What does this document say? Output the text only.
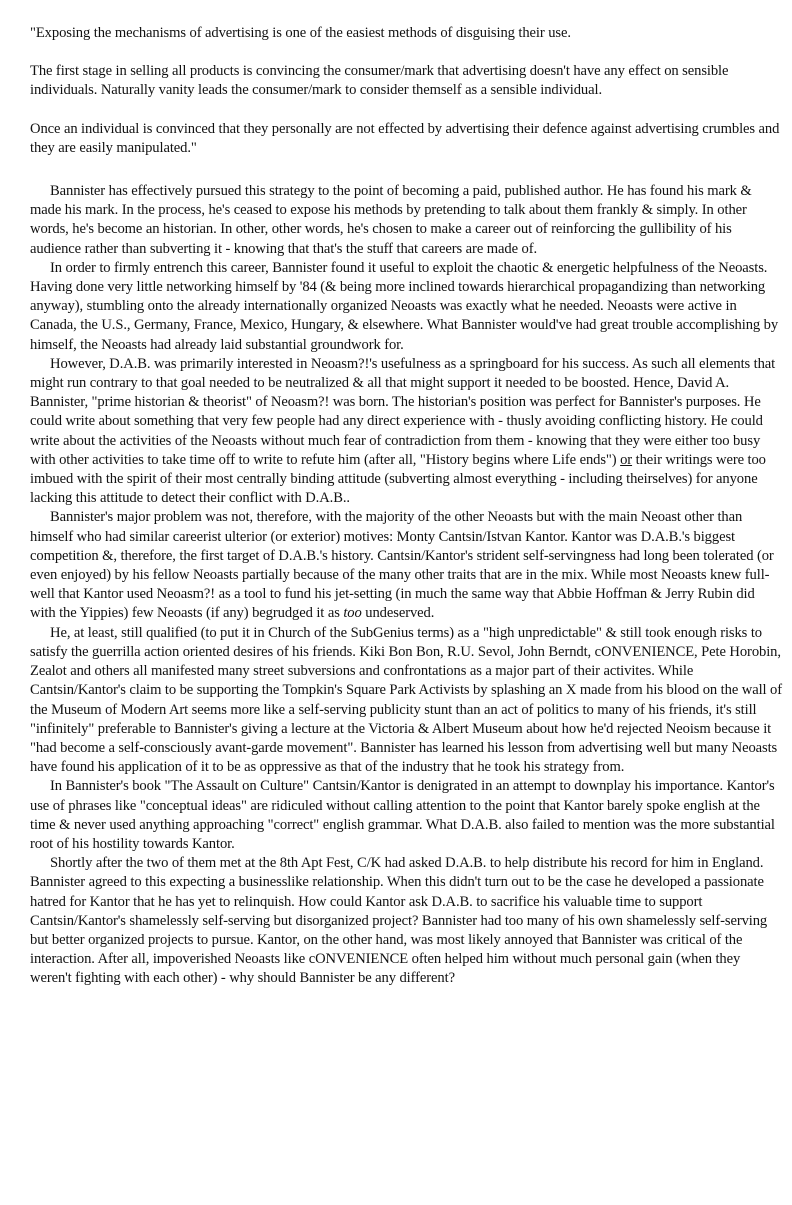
"Exposing the mechanisms of advertising is one of the easiest methods of disguising their use.

The first stage in selling all products is convincing the consumer/mark that advertising doesn't have any effect on sensible individuals. Naturally vanity leads the consumer/mark to consider themself as a sensible individual.

Once an individual is convinced that they personally are not effected by advertising their defence against advertising crumbles and they are easily manipulated."

Bannister has effectively pursued this strategy to the point of becoming a paid, published author. He has found his mark & made his mark. In the process, he's ceased to expose his methods by pretending to talk about them frankly & simply. In other words, he's become an historian. In other, other words, he's chosen to make a career out of reinforcing the gullibility of his audience rather than subverting it - knowing that that's the stuff that careers are made of.

In order to firmly entrench this career, Bannister found it useful to exploit the chaotic & energetic helpfulness of the Neoasts. Having done very little networking himself by '84 (& being more inclined towards hierarchical propagandizing than networking anyway), stumbling onto the already internationally organized Neoasts was exactly what he needed. Neoasts were active in Canada, the U.S., Germany, France, Mexico, Hungary, & elsewhere. What Bannister would've had great trouble accomplishing by himself, the Neoasts had already laid substantial groundwork for.

However, D.A.B. was primarily interested in Neoasm?!'s usefulness as a springboard for his success. As such all elements that might run contrary to that goal needed to be neutralized & all that might support it needed to be boosted. Hence, David A. Bannister, "prime historian & theorist" of Neoasm?! was born. The historian's position was perfect for Bannister's purposes. He could write about something that very few people had any direct experience with - thusly avoiding conflicting history. He could write about the activities of the Neoasts without much fear of contradiction from them - knowing that they were either too busy with other activities to take time off to write to refute him (after all, "History begins where Life ends") or their writings were too imbued with the spirit of their most centrally binding attitude (subverting almost everything - including theirselves) for anyone lacking this attitude to detect their conflict with D.A.B..

Bannister's major problem was not, therefore, with the majority of the other Neoasts but with the main Neoast other than himself who had similar careerist ulterior (or exterior) motives: Monty Cantsin/Istvan Kantor. Kantor was D.A.B.'s biggest competition &, therefore, the first target of D.A.B.'s history. Cantsin/Kantor's strident self-servingness had long been tolerated (or even enjoyed) by his fellow Neoasts partially because of the many other traits that are in the mix. While most Neoasts knew full-well that Kantor used Neoasm?! as a tool to fund his jet-setting (in much the same way that Abbie Hoffman & Jerry Rubin did with the Yippies) few Neoasts (if any) begrudged it as too undeserved.

He, at least, still qualified (to put it in Church of the SubGenius terms) as a "high unpredictable" & still took enough risks to satisfy the guerrilla action oriented desires of his friends. Kiki Bon Bon, R.U. Sevol, John Berndt, cONVENIENCE, Pete Horobin, Zealot and others all manifested many street subversions and confrontations as a major part of their activites. While Cantsin/Kantor's claim to be supporting the Tompkin's Square Park Activists by splashing an X made from his blood on the wall of the Museum of Modern Art seems more like a self-serving publicity stunt than an act of politics to many of his friends, it's still "infinitely" preferable to Bannister's giving a lecture at the Victoria & Albert Museum about how he'd rejected Neoism because it "had become a self-consciously avant-garde movement". Bannister has learned his lesson from advertising well but many Neoasts have found his application of it to be as oppressive as that of the industry that he took his strategy from.

In Bannister's book "The Assault on Culture" Cantsin/Kantor is denigrated in an attempt to downplay his importance. Kantor's use of phrases like "conceptual ideas" are ridiculed without calling attention to the point that Kantor barely spoke english at the time & never used anything approaching "correct" english grammar. What D.A.B. also failed to mention was the more substantial root of his hostility towards Kantor.

Shortly after the two of them met at the 8th Apt Fest, C/K had asked D.A.B. to help distribute his record for him in England. Bannister agreed to this expecting a businesslike relationship. When this didn't turn out to be the case he developed a passionate hatred for Kantor that he has yet to relinquish. How could Kantor ask D.A.B. to sacrifice his valuable time to support Cantsin/Kantor's shamelessly self-serving but disorganized project? Bannister had too many of his own shamelessly self-serving but better organized projects to pursue. Kantor, on the other hand, was most likely annoyed that Bannister was critical of the interaction. After all, impoverished Neoasts like cONVENIENCE often helped him without much personal gain (when they weren't fighting with each other) - why should Bannister be any different?
